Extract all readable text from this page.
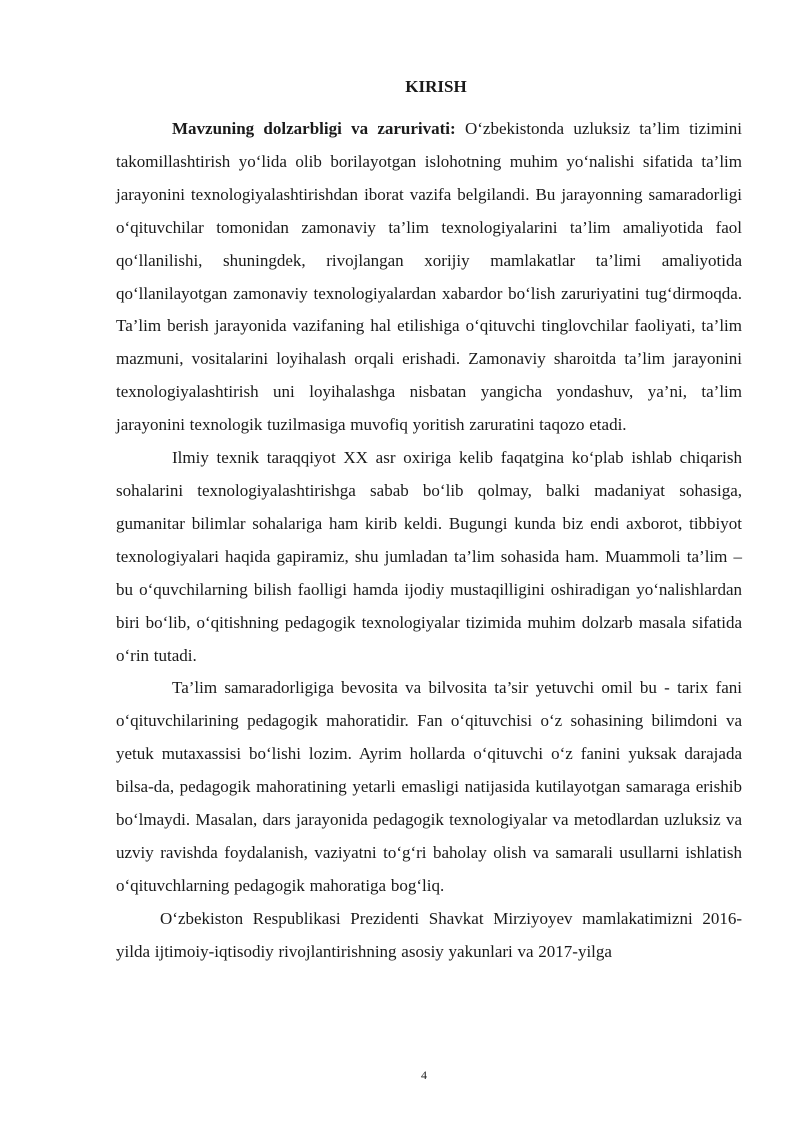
KIRISH

Mavzuning dolzarbligi va zarurivati: O‘zbekistonda uzluksiz ta’lim tizimini takomillashtirish yo‘lida olib borilayotgan islohotning muhim yo‘nalishi sifatida ta’lim jarayonini texnologiyalashtirishdan iborat vazifa belgilandi. Bu jarayonning samaradorligi o‘qituvchilar tomonidan zamonaviy ta’lim texnologiyalarini ta’lim amaliyotida faol qo‘llanilishi, shuningdek, rivojlangan xorijiy mamlakatlar ta’limi amaliyotida qo‘llanilayotgan zamonaviy texnologiyalardan xabardor bo‘lish zaruriyatini tug‘dirmoqda. Ta’lim berish jarayonida vazifaning hal etilishiga o‘qituvchi tinglovchilar faoliyati, ta’lim mazmuni, vositalarini loyihalash orqali erishadi. Zamonaviy sharoitda ta’lim jarayonini texnologiyalashtirish uni loyihalashga nisbatan yangicha yondashuv, ya’ni, ta’lim jarayonini texnologik tuzilmasiga muvofiq yoritish zaruratini taqozo etadi.

Ilmiy texnik taraqqiyot XX asr oxiriga kelib faqatgina ko‘plab ishlab chiqarish sohalarini texnologiyalashtirishga sabab bo‘lib qolmay, balki madaniyat sohasiga, gumanitar bilimlar sohalariga ham kirib keldi. Bugungi kunda biz endi axborot, tibbiyot texnologiyalari haqida gapiramiz, shu jumladan ta’lim sohasida ham. Muammoli ta’lim – bu o‘quvchilarning bilish faolligi hamda ijodiy mustaqilligini oshiradigan yo‘nalishlardan biri bo‘lib, o‘qitishning pedagogik texnologiyalar tizimida muhim dolzarb masala sifatida o‘rin tutadi.

Ta’lim samaradorligiga bevosita va bilvosita ta’sir yetuvchi omil bu - tarix fani o‘qituvchilarining pedagogik mahoratidir. Fan o‘qituvchisi o‘z sohasining bilimdoni va yetuk mutaxassisi bo‘lishi lozim. Ayrim hollarda o‘qituvchi o‘z fanini yuksak darajada bilsa-da, pedagogik mahoratining yetarli emasligi natijasida kutilayotgan samaraga erishib bo‘lmaydi. Masalan, dars jarayonida pedagogik texnologiyalar va metodlardan uzluksiz va uzviy ravishda foydalanish, vaziyatni to‘g‘ri baholay olish va samarali usullarni ishlatish o‘qituvchlarning pedagogik mahoratiga bog‘liq.

O‘zbekiston Respublikasi Prezidenti Shavkat Mirziyoyev mamlakatimizni 2016-yilda ijtimoiy-iqtisodiy rivojlantirishning asosiy yakunlari va 2017-yilga

4
